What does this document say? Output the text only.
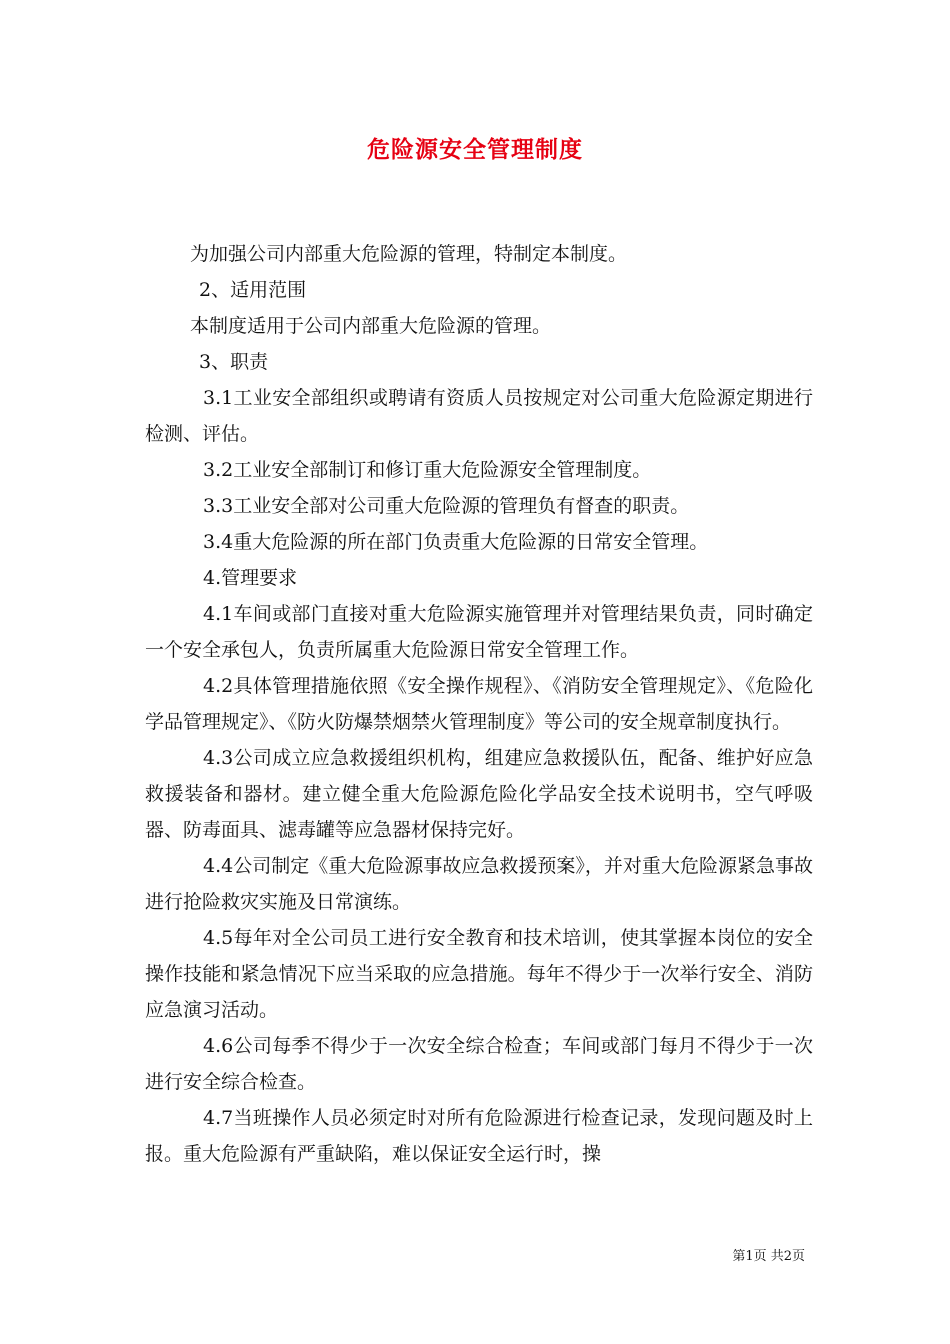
危险源安全管理制度

为加强公司内部重大危险源的管理，特制定本制度。

2、适用范围

本制度适用于公司内部重大危险源的管理。

3、职责

3.1工业安全部组织或聘请有资质人员按规定对公司重大危险源定期进行检测、评估。

3.2工业安全部制订和修订重大危险源安全管理制度。

3.3工业安全部对公司重大危险源的管理负有督查的职责。

3.4重大危险源的所在部门负责重大危险源的日常安全管理。

4.管理要求

4.1车间或部门直接对重大危险源实施管理并对管理结果负责，同时确定一个安全承包人，负责所属重大危险源日常安全管理工作。

4.2具体管理措施依照《安全操作规程》、《消防安全管理规定》、《危险化学品管理规定》、《防火防爆禁烟禁火管理制度》等公司的安全规章制度执行。

4.3公司成立应急救援组织机构，组建应急救援队伍，配备、维护好应急救援装备和器材。建立健全重大危险源危险化学品安全技术说明书，空气呼吸器、防毒面具、滤毒罐等应急器材保持完好。

4.4公司制定《重大危险源事故应急救援预案》，并对重大危险源紧急事故进行抢险救灾实施及日常演练。

4.5每年对全公司员工进行安全教育和技术培训，使其掌握本岗位的安全操作技能和紧急情况下应当采取的应急措施。每年不得少于一次举行安全、消防应急演习活动。

4.6公司每季不得少于一次安全综合检查；车间或部门每月不得少于一次进行安全综合检查。

4.7当班操作人员必须定时对所有危险源进行检查记录，发现问题及时上报。重大危险源有严重缺陷，难以保证安全运行时，操

第1页 共2页
